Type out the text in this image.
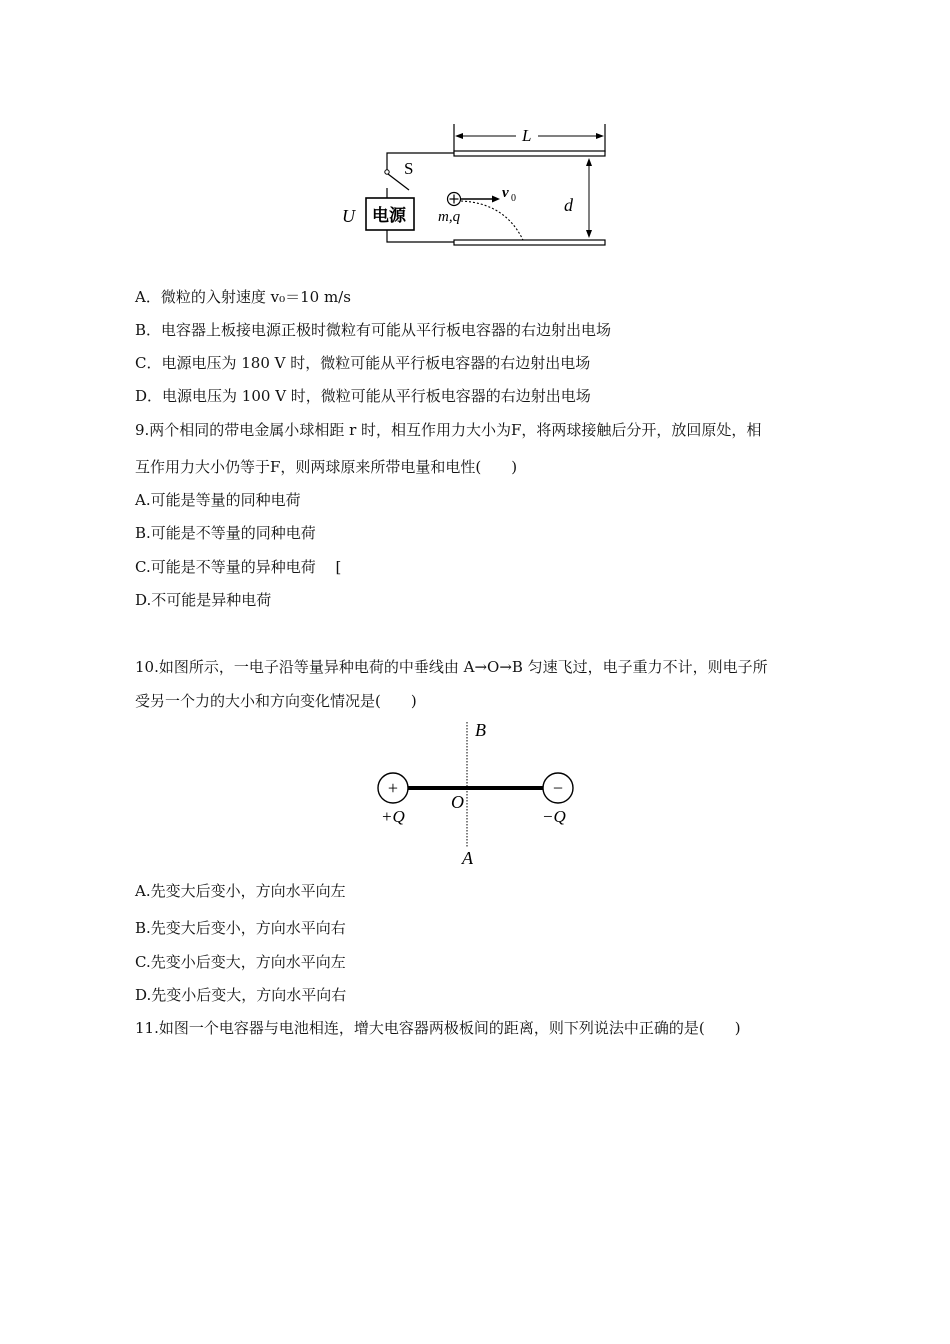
L
S
电源
U
v 0
m,q
d
A．微粒的入射速度 v₀＝10 m/s
B．电容器上板接电源正极时微粒有可能从平行板电容器的右边射出电场
C．电源电压为 180 V 时，微粒可能从平行板电容器的右边射出电场
D．电源电压为 100 V 时，微粒可能从平行板电容器的右边射出电场
9.两个相同的带电金属小球相距 r 时，相互作用力大小为F，将两球接触后分开，放回原处，相
互作用力大小仍等于F，则两球原来所带电量和电性(　　)
A.可能是等量的同种电荷
B.可能是不等量的同种电荷
C.可能是不等量的异种电荷　 [
D.不可能是异种电荷
10.如图所示，一电子沿等量异种电荷的中垂线由 A→O→B 匀速飞过，电子重力不计，则电子所
受另一个力的大小和方向变化情况是(　　)
B
A
+	−
O
+Q	−Q
A.先变大后变小，方向水平向左
B.先变大后变小，方向水平向右
C.先变小后变大，方向水平向左
D.先变小后变大，方向水平向右
11.如图一个电容器与电池相连，增大电容器两极板间的距离，则下列说法中正确的是(　　)
